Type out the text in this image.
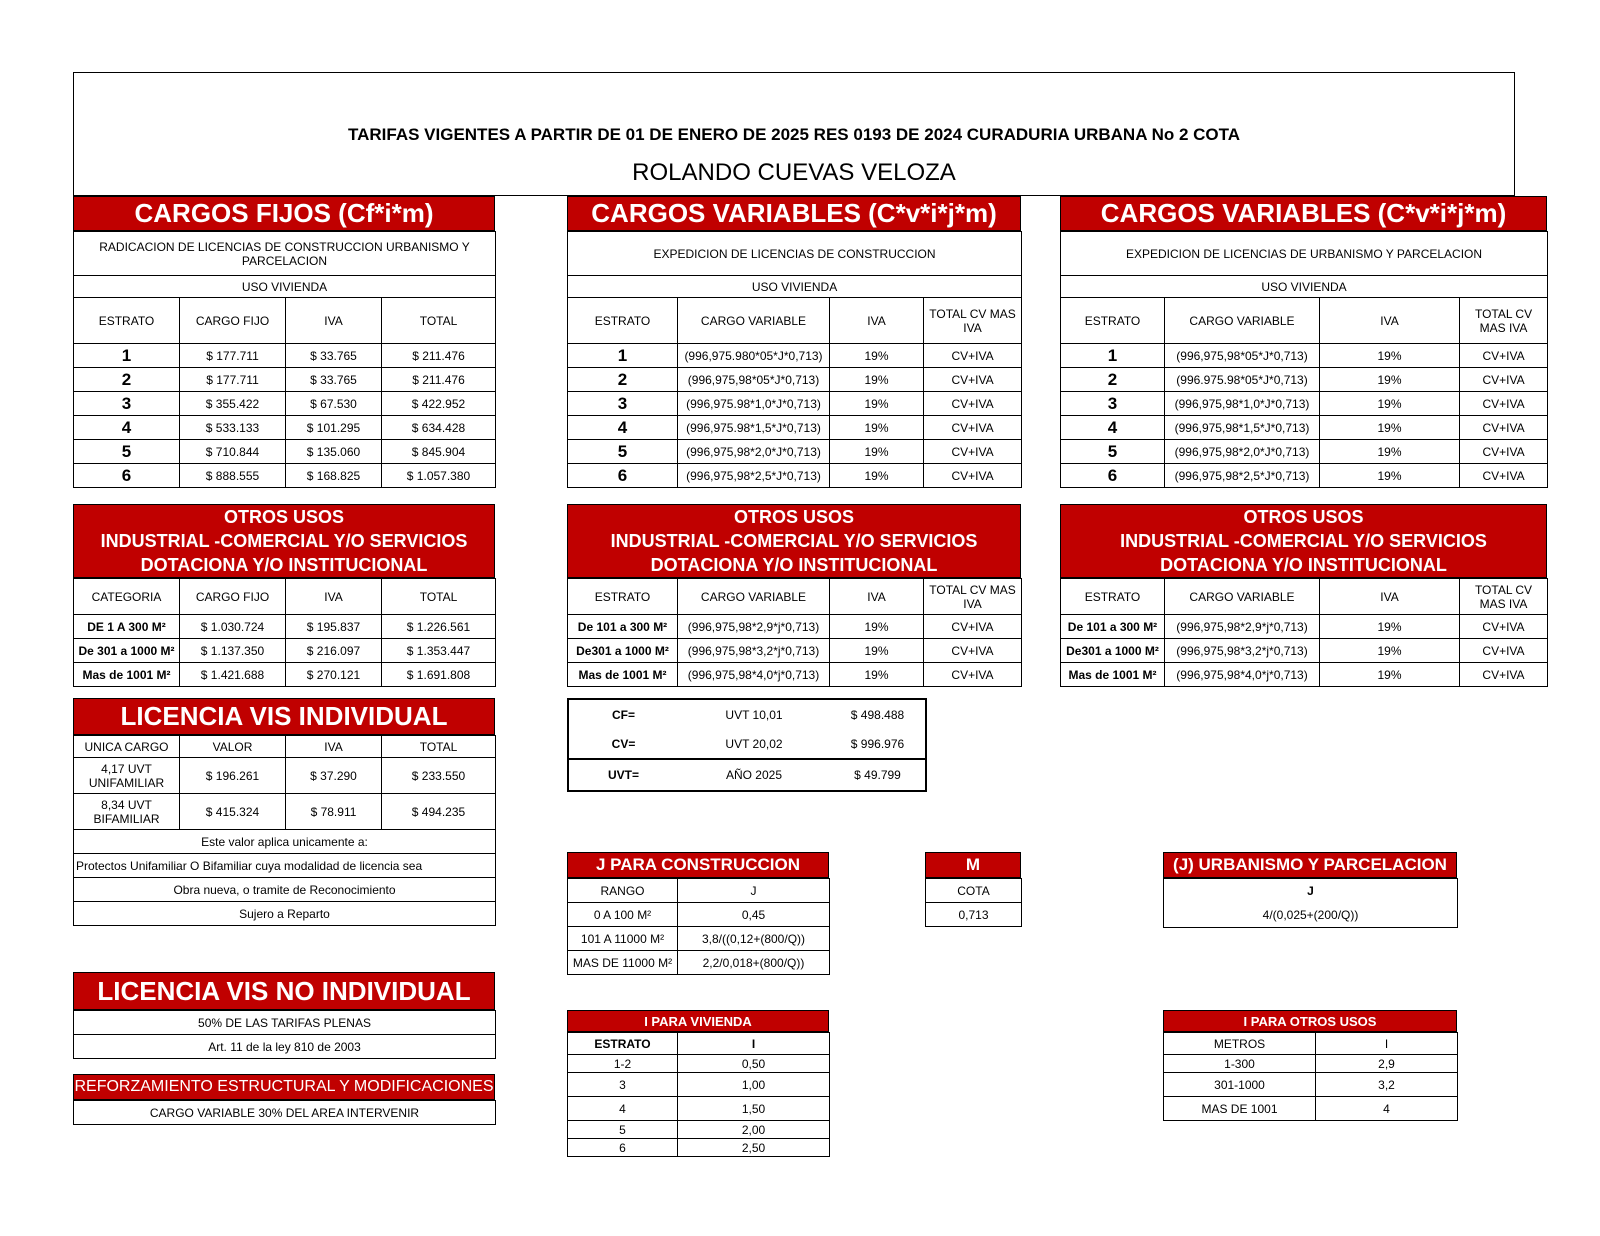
TARIFAS VIGENTES A PARTIR DE 01 DE ENERO DE 2025 RES 0193 DE 2024 CURADURIA URBANA No 2 COTA
ROLANDO CUEVAS VELOZA
CARGOS FIJOS (Cf*i*m)
RADICACION DE LICENCIAS DE CONSTRUCCION URBANISMO Y PARCELACION			
USO VIVIENDA			
ESTRATO	CARGO FIJO	IVA	TOTAL
1	$ 177.711	$ 33.765	$ 211.476
2	$ 177.711	$ 33.765	$ 211.476
3	$ 355.422	$ 67.530	$ 422.952
4	$ 533.133	$ 101.295	$ 634.428
5	$ 710.844	$ 135.060	$ 845.904
6	$ 888.555	$ 168.825	$ 1.057.380
CARGOS VARIABLES (C*v*i*j*m)
EXPEDICION DE LICENCIAS DE CONSTRUCCION			
USO VIVIENDA			
ESTRATO	CARGO VARIABLE	IVA	TOTAL CV MAS IVA
1	(996,975.980*05*J*0,713)	19%	CV+IVA
2	(996,975,98*05*J*0,713)	19%	CV+IVA
3	(996,975.98*1,0*J*0,713)	19%	CV+IVA
4	(996,975.98*1,5*J*0,713)	19%	CV+IVA
5	(996,975,98*2,0*J*0,713)	19%	CV+IVA
6	(996,975,98*2,5*J*0,713)	19%	CV+IVA
CARGOS VARIABLES (C*v*i*j*m)
EXPEDICION DE LICENCIAS DE URBANISMO Y PARCELACION			
USO VIVIENDA			
ESTRATO	CARGO VARIABLE	IVA	TOTAL CV MAS IVA
1	(996,975,98*05*J*0,713)	19%	CV+IVA
2	(996.975.98*05*J*0,713)	19%	CV+IVA
3	(996,975,98*1,0*J*0,713)	19%	CV+IVA
4	(996,975,98*1,5*J*0,713)	19%	CV+IVA
5	(996,975,98*2,0*J*0,713)	19%	CV+IVA
6	(996,975,98*2,5*J*0,713)	19%	CV+IVA
OTROS USOS
INDUSTRIAL -COMERCIAL Y/O SERVICIOS
DOTACIONA Y/O INSTITUCIONAL
OTROS USOS
INDUSTRIAL -COMERCIAL Y/O SERVICIOS
DOTACIONA Y/O INSTITUCIONAL
OTROS USOS
INDUSTRIAL -COMERCIAL Y/O SERVICIOS
DOTACIONA Y/O INSTITUCIONAL
CATEGORIA	CARGO FIJO	IVA	TOTAL
DE 1 A 300 M²	$ 1.030.724	$ 195.837	$ 1.226.561
De 301 a 1000 M²	$ 1.137.350	$ 216.097	$ 1.353.447
Mas de 1001 M²	$ 1.421.688	$ 270.121	$ 1.691.808
ESTRATO	CARGO VARIABLE	IVA	TOTAL CV MAS IVA
De 101 a 300 M²	(996,975,98*2,9*j*0,713)	19%	CV+IVA
De301 a 1000 M²	(996,975,98*3,2*j*0,713)	19%	CV+IVA
Mas de 1001 M²	(996,975,98*4,0*j*0,713)	19%	CV+IVA
ESTRATO	CARGO VARIABLE	IVA	TOTAL CV MAS IVA
De 101 a 300 M²	(996,975,98*2,9*j*0,713)	19%	CV+IVA
De301 a 1000 M²	(996,975,98*3,2*j*0,713)	19%	CV+IVA
Mas de 1001 M²	(996,975,98*4,0*j*0,713)	19%	CV+IVA
LICENCIA VIS INDIVIDUAL
UNICA CARGO	VALOR	IVA	TOTAL
4,17 UVT UNIFAMILIAR	$ 196.261	$ 37.290	$ 233.550
8,34 UVT BIFAMILIAR	$ 415.324	$ 78.911	$ 494.235
Este valor aplica unicamente a:			
Protectos Unifamiliar O Bifamiliar cuya modalidad de licencia sea			
Obra nueva, o tramite de Reconocimiento			
Sujero a Reparto			
CF=	UVT 10,01	$ 498.488
CV=	UVT 20,02	$ 996.976
UVT=	AÑO 2025	$ 49.799
J PARA CONSTRUCCION
RANGO	J
0 A 100 M²	0,45
101 A 11000 M²	3,8/((0,12+(800/Q))
MAS DE 11000 M²	2,2/0,018+(800/Q))
M
COTA
0,713
(J) URBANISMO Y PARCELACION
J
4/(0,025+(200/Q))
LICENCIA VIS NO INDIVIDUAL
50% DE LAS TARIFAS PLENAS
Art. 11 de la ley 810 de 2003
REFORZAMIENTO ESTRUCTURAL Y MODIFICACIONES
CARGO VARIABLE 30% DEL AREA INTERVENIR
I PARA VIVIENDA
ESTRATO	I
1-2	0,50
3	1,00
4	1,50
5	2,00
6	2,50
I PARA OTROS USOS
METROS	I
1-300	2,9
301-1000	3,2
MAS DE 1001	4
